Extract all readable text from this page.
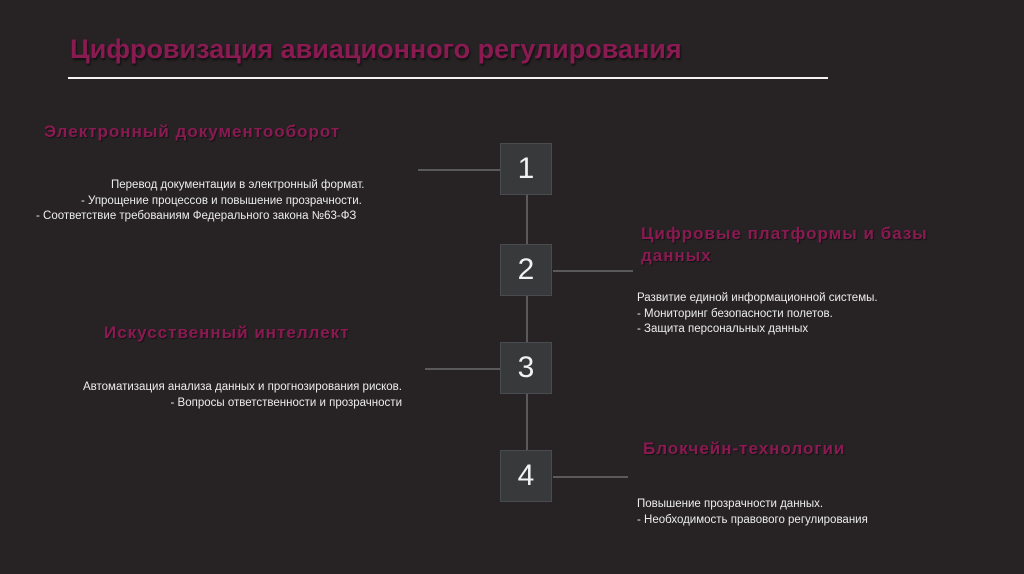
Цифровизация авиационного регулирования
1
2
3
4
Электронный документооборот
Перевод документации в электронный формат.
- Упрощение процессов и повышение прозрачности.
- Соответствие требованиям Федерального закона №63-ФЗ
Цифровые платформы и базы данных
Развитие единой информационной системы.
- Мониторинг безопасности полетов.
- Защита персональных данных
Искусственный интеллект
Автоматизация анализа данных и прогнозирования рисков.
- Вопросы ответственности и прозрачности
Блокчейн-технологии
Повышение прозрачности данных.
- Необходимость правового регулирования
